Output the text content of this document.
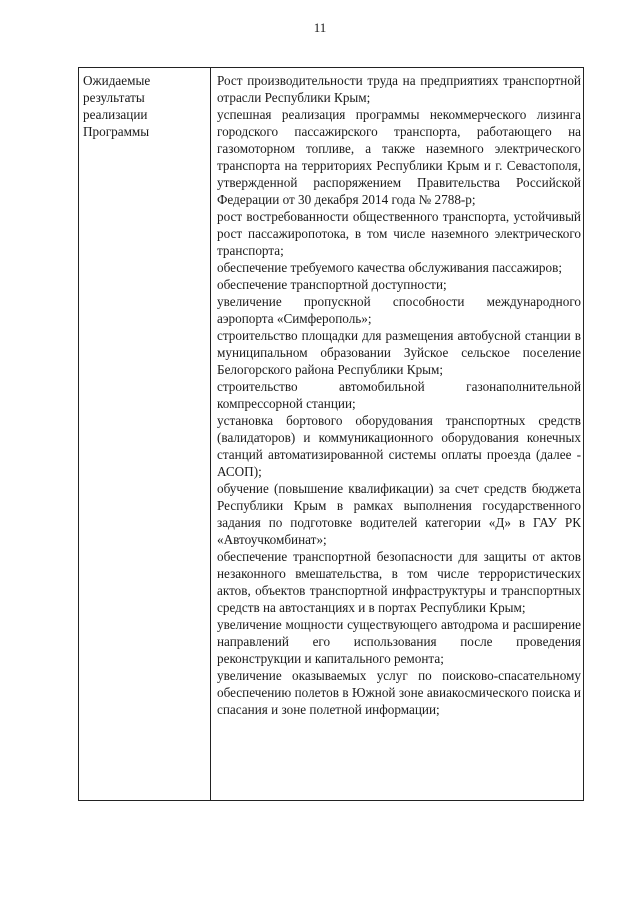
11
Ожидаемые
результаты
реализации
Программы
Рост производительности труда на предприятиях транспортной отрасли Республики Крым;
успешная реализация программы некоммерческого лизинга городского пассажирского транспорта, работающего на газомоторном топливе, а также наземного электрического транспорта на территориях Республики Крым и г. Севастополя, утвержденной распоряжением Правительства Российской Федерации от 30 декабря 2014 года № 2788-р;
рост востребованности общественного транспорта, устойчивый рост пассажиропотока, в том числе наземного электрического транспорта;
обеспечение требуемого качества обслуживания пассажиров;
обеспечение транспортной доступности;
увеличение пропускной способности международного аэропорта «Симферополь»;
строительство площадки для размещения автобусной станции в муниципальном образовании Зуйское сельское поселение Белогорского района Республики Крым;
строительство автомобильной газонаполнительной компрессорной станции;
установка бортового оборудования транспортных средств (валидаторов) и коммуникационного оборудования конечных станций автоматизированной системы оплаты проезда (далее - АСОП);
обучение (повышение квалификации) за счет средств бюджета Республики Крым в рамках выполнения государственного задания по подготовке водителей категории «Д» в ГАУ РК «Автоучкомбинат»;
обеспечение транспортной безопасности для защиты от актов незаконного вмешательства, в том числе террористических актов, объектов транспортной инфраструктуры и транспортных средств на автостанциях и в портах Республики Крым;
увеличение мощности существующего автодрома и расширение направлений его использования после проведения реконструкции и капитального ремонта;
увеличение оказываемых услуг по поисково-спасательному обеспечению полетов в Южной зоне авиакосмического поиска и спасания и зоне полетной информации;
